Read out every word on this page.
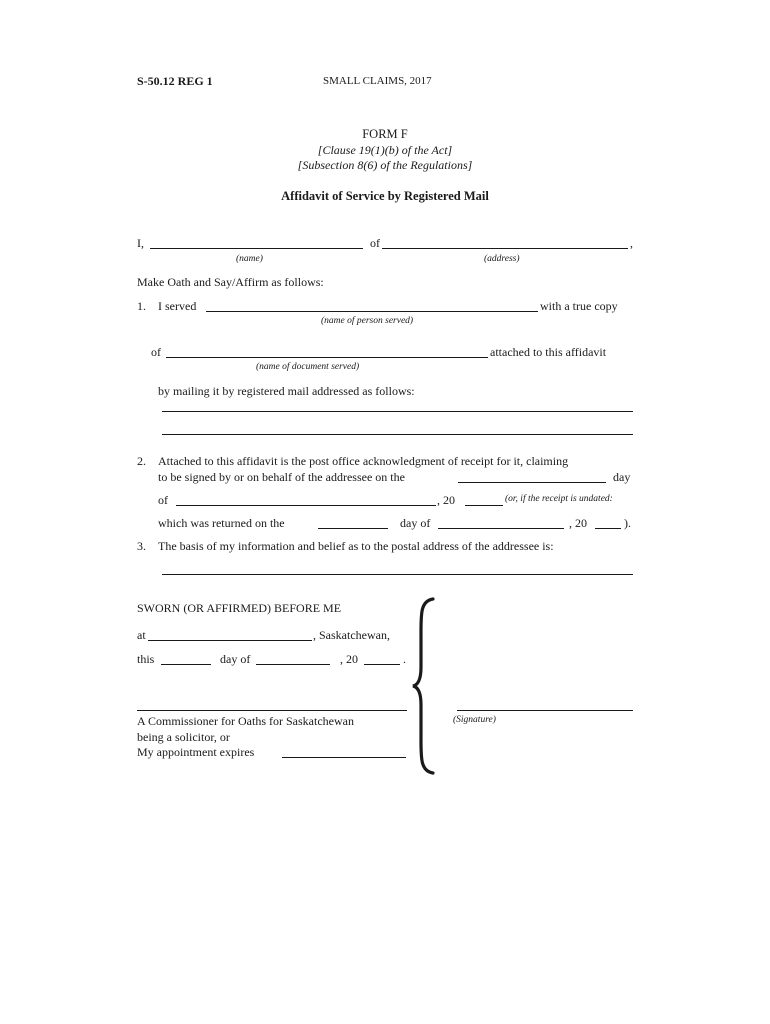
S-50.12 REG 1	SMALL CLAIMS, 2017
FORM F
[Clause 19(1)(b) of the Act]
[Subsection 8(6) of the Regulations]
Affidavit of Service by Registered Mail
I,	of	,
(name)	(address)
Make Oath and Say/Affirm as follows:
1. I served	with a true copy
(name of person served)
of	attached to this affidavit
(name of document served)
by mailing it by registered mail addressed as follows:
2. Attached to this affidavit is the post office acknowledgment of receipt for it, claiming
to be signed by or on behalf of the addressee on the	day
of	, 20	(or, if the receipt is undated:
which was returned on the	day of	, 20	).
3. The basis of my information and belief as to the postal address of the addressee is:
SWORN (OR AFFIRMED) BEFORE ME
at	, Saskatchewan,
this	day of	, 20	.
A Commissioner for Oaths for Saskatchewan
being a solicitor, or
My appointment expires
(Signature)
